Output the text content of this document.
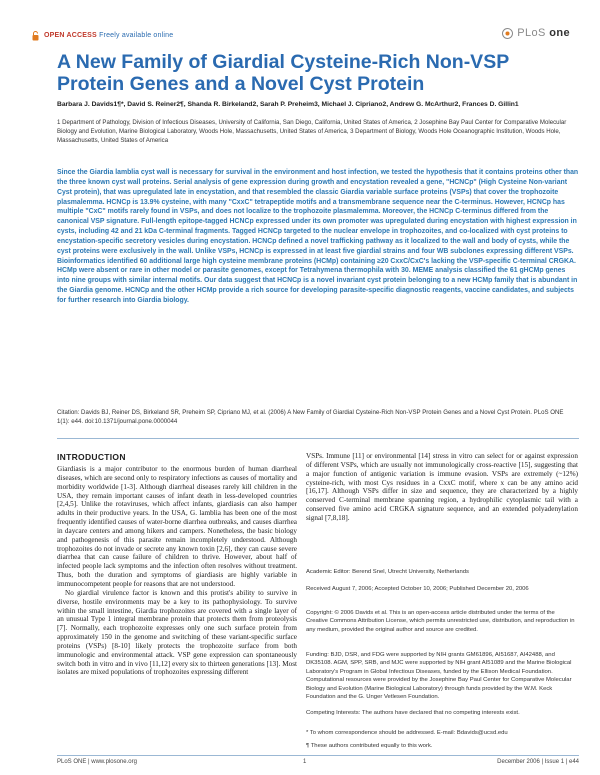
OPEN ACCESS Freely available online	PLoS one
A New Family of Giardial Cysteine-Rich Non-VSP Protein Genes and a Novel Cyst Protein
Barbara J. Davids1¶*, David S. Reiner2¶, Shanda R. Birkeland2, Sarah P. Preheim3, Michael J. Cipriano2, Andrew G. McArthur2, Frances D. Gillin1
1 Department of Pathology, Division of Infectious Diseases, University of California, San Diego, California, United States of America, 2 Josephine Bay Paul Center for Comparative Molecular Biology and Evolution, Marine Biological Laboratory, Woods Hole, Massachusetts, United States of America, 3 Department of Biology, Woods Hole Oceanographic Institution, Woods Hole, Massachusetts, United States of America

Since the Giardia lamblia cyst wall is necessary for survival in the environment and host infection, we tested the hypothesis that it contains proteins other than the three known cyst wall proteins. Serial analysis of gene expression during growth and encystation revealed a gene, "HCNCp" (High Cysteine Non-variant Cyst protein), that was upregulated late in encystation, and that resembled the classic Giardia variable surface proteins (VSPs) that cover the trophozoite plasmalemma. HCNCp is 13.9% cysteine, with many "CxxC" tetrapeptide motifs and a transmembrane sequence near the C-terminus. However, HCNCp has multiple "CxC" motifs rarely found in VSPs, and does not localize to the trophozoite plasmalemma. Moreover, the HCNCp C-terminus differed from the canonical VSP signature. Full-length epitope-tagged HCNCp expressed under its own promoter was upregulated during encystation with highest expression in cysts, including 42 and 21 kDa C-terminal fragments. Tagged HCNCp targeted to the nuclear envelope in trophozoites, and co-localized with cyst proteins to encystation-specific secretory vesicles during encystation. HCNCp defined a novel trafficking pathway as it localized to the wall and body of cysts, while the cyst proteins were exclusively in the wall. Unlike VSPs, HCNCp is expressed in at least five giardial strains and four WB subclones expressing different VSPs. Bioinformatics identified 60 additional large high cysteine membrane proteins (HCMp) containing ≥20 CxxC/CxC's lacking the VSP-specific C-terminal CRGKA. HCMp were absent or rare in other model or parasite genomes, except for Tetrahymena thermophila with 30. MEME analysis classified the 61 gHCMp genes into nine groups with similar internal motifs. Our data suggest that HCNCp is a novel invariant cyst protein belonging to a new HCMp family that is abundant in the Giardia genome. HCNCp and the other HCMp provide a rich source for developing parasite-specific diagnostic reagents, vaccine candidates, and subjects for further research into Giardia biology.

Citation: Davids BJ, Reiner DS, Birkeland SR, Preheim SP, Cipriano MJ, et al. (2006) A New Family of Giardial Cysteine-Rich Non-VSP Protein Genes and a Novel Cyst Protein. PLoS ONE 1(1): e44. doi:10.1371/journal.pone.0000044
INTRODUCTION

Giardiasis is a major contributor to the enormous burden of human diarrheal diseases, which are second only to respiratory infections as causes of mortality and morbidity worldwide [1-3]. Although diarrheal diseases rarely kill children in the USA, they remain important causes of infant death in less-developed countries [2,4,5]. Unlike the rotaviruses, which affect infants, giardiasis can also hamper adults in their productive years. In the USA, G. lamblia has been one of the most frequently identified causes of water-borne diarrhea outbreaks, and causes diarrhea in daycare centers and among hikers and campers. Nonetheless, the basic biology and pathogenesis of this parasite remain incompletely understood. Although trophozoites do not invade or secrete any known toxin [2,6], they can cause severe diarrhea that can cause failure of children to thrive. However, about half of infected people lack symptoms and the infection often resolves without treatment. Thus, both the duration and symptoms of giardiasis are highly variable in immunocompetent people for reasons that are not understood.

No giardial virulence factor is known and this protist's ability to survive in diverse, hostile environments may be a key to its pathophysiology. To survive within the small intestine, Giardia trophozoites are covered with a single layer of an unusual Type 1 integral membrane protein that protects them from proteolysis [7]. Normally, each trophozoite expresses only one such surface protein from approximately 150 in the genome and switching of these variant-specific surface proteins (VSPs) [8-10] likely protects the trophozoite surface from both immunologic and environmental attack. VSP gene expression can spontaneously switch both in vitro and in vivo [11,12] every six to thirteen generations [13]. Most isolates are mixed populations of trophozoites expressing different

VSPs. Immune [11] or environmental [14] stress in vitro can select for or against expression of different VSPs, which are usually not immunologically cross-reactive [15], suggesting that a major function of antigenic variation is immune evasion. VSPs are extremely (~12%) cysteine-rich, with most Cys residues in a CxxC motif, where x can be any amino acid [16,17]. Although VSPs differ in size and sequence, they are characterized by a highly conserved C-terminal membrane spanning region, a hydrophilic cytoplasmic tail with a conserved five amino acid CRGKA signature sequence, and an extended polyadenylation signal [7,8,18].

Academic Editor: Berend Snel, Utrecht University, Netherlands

Received August 7, 2006; Accepted October 10, 2006; Published December 20, 2006

Copyright: © 2006 Davids et al. This is an open-access article distributed under the terms of the Creative Commons Attribution License, which permits unrestricted use, distribution, and reproduction in any medium, provided the original author and source are credited.

Funding: BJD, DSR, and FDG were supported by NIH grants GM61896, AI51687, AI42488, and DK35108. AGM, SPP, SRB, and MJC were supported by NIH grant AI51089 and the Marine Biological Laboratory's Program in Global Infectious Diseases, funded by the Ellison Medical Foundation. Computational resources were provided by the Josephine Bay Paul Center for Comparative Molecular Biology and Evolution (Marine Biological Laboratory) through funds provided by the W.M. Keck Foundation and the G. Unger Vetlesen Foundation.

Competing Interests: The authors have declared that no competing interests exist.

* To whom correspondence should be addressed. E-mail: Bdavids@ucsd.edu

¶ These authors contributed equally to this work.

PLoS ONE | www.plosone.org	1	December 2006 | Issue 1 | e44
